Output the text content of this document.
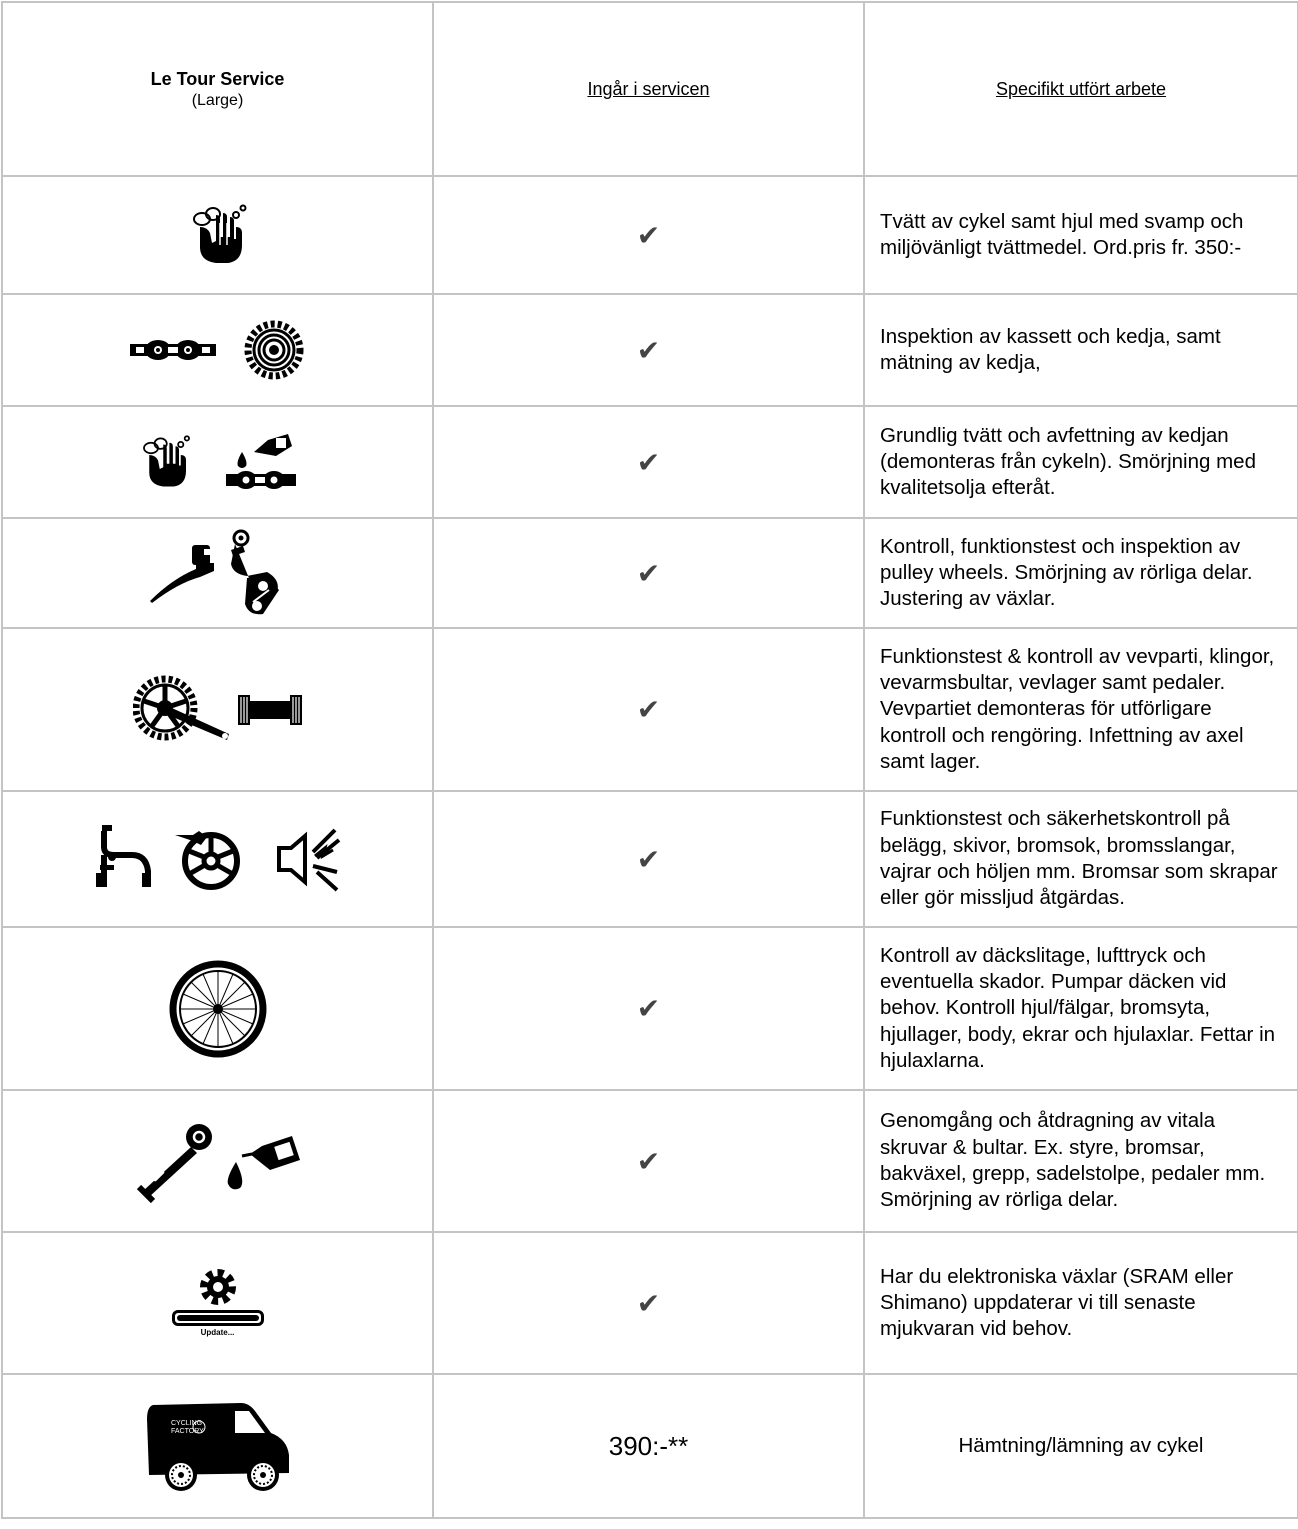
Le Tour Service
(Large)	Ingår i servicen	Specifikt utfört arbete
	✔	Tvätt av cykel samt hjul med svamp och miljövänligt tvättmedel. Ord.pris fr. 350:-
	✔	Inspektion av kassett och kedja, samt mätning av kedja,
	✔	Grundlig tvätt och avfettning av kedjan (demonteras från cykeln). Smörjning med kvalitetsolja efteråt.
	✔	Kontroll, funktionstest och inspektion av pulley wheels. Smörjning av rörliga delar. Justering av växlar.
	✔	Funktionstest & kontroll av vevparti, klingor, vevarmsbultar, vevlager samt pedaler. Vevpartiet demonteras för utförligare kontroll och rengöring. Infettning av axel samt lager.
	✔	Funktionstest och säkerhetskontroll på belägg, skivor, bromsok, bromsslangar, vajrar och höljen mm. Bromsar som skrapar eller gör missljud åtgärdas.
	✔	Kontroll av däckslitage, lufttryck och eventuella skador. Pumpar däcken vid behov. Kontroll hjul/fälgar, bromsyta, hjullager, body, ekrar och hjulaxlar. Fettar in hjulaxlarna.
	✔	Genomgång och åtdragning av vitala skruvar & bultar. Ex. styre, bromsar, bakväxel, grepp, sadelstolpe, pedaler mm. Smörjning av rörliga delar.

Update...	✔	Har du elektroniska växlar (SRAM eller Shimano) uppdaterar vi till senaste mjukvaran vid behov.

CYCLING
FACTORY	390:-**	Hämtning/lämning av cykel
